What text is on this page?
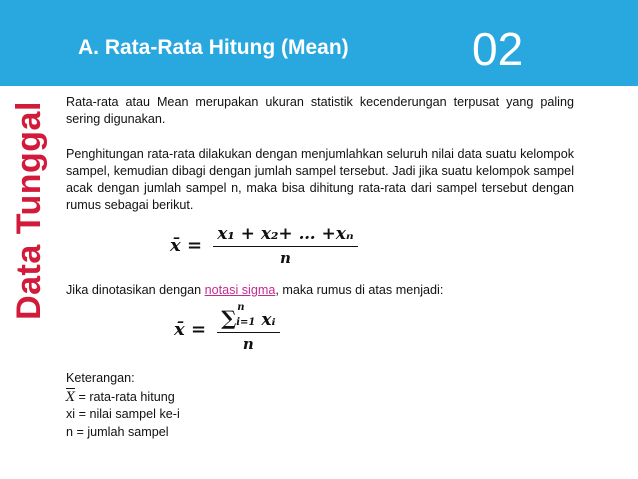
Data Tunggal
A. Rata-Rata Hitung (Mean)	02

Rata-rata atau Mean merupakan ukuran statistik kecenderungan terpusat yang paling sering digunakan.

Penghitungan rata-rata dilakukan dengan menjumlahkan seluruh nilai data suatu kelompok sampel, kemudian dibagi dengan jumlah sampel tersebut. Jadi jika suatu kelompok sampel acak dengan jumlah sampel n, maka bisa dihitung rata-rata dari sampel tersebut dengan rumus sebagai berikut.

Jika dinotasikan dengan notasi sigma, maka rumus di atas menjadi:

x̄ = $\frac{\text{x₁ + x₂+ … +xₙ}}{n}$
x̄ = ∑ n
i=1 xᵢ
n
Keterangan:
$\overline{X}$ = rata-rata hitung
xi = nilai sampel ke-i
n = jumlah sampel
